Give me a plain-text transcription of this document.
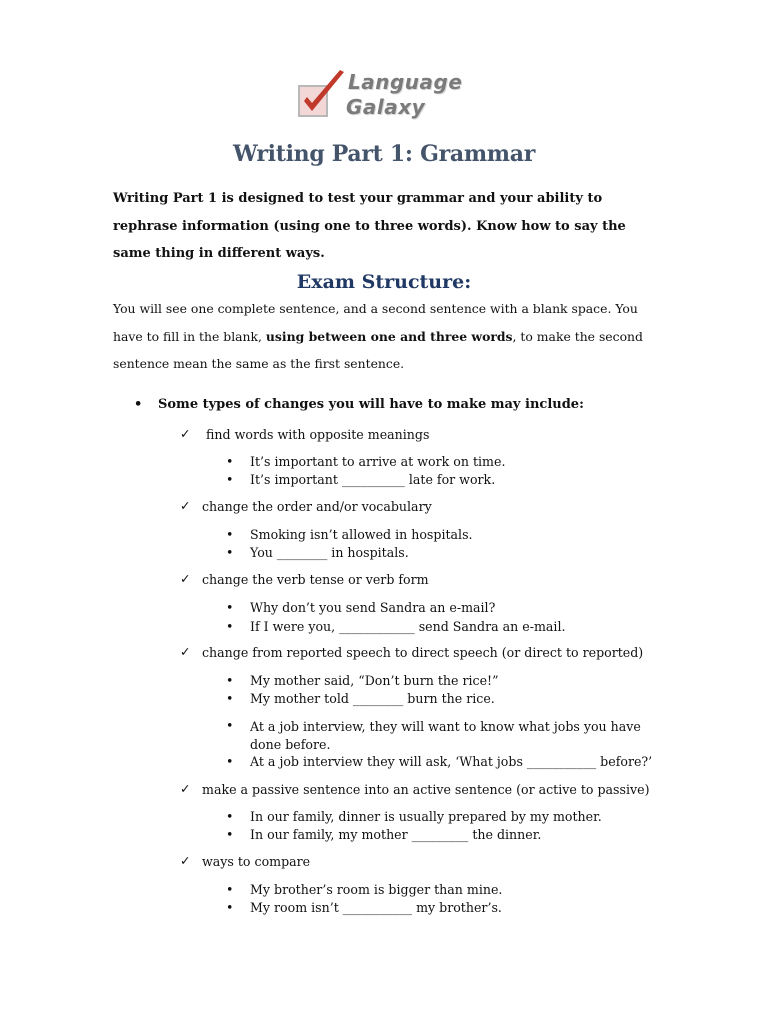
Language
Galaxy
Writing Part 1: Grammar

Writing Part 1 is designed to test your grammar and your ability to rephrase information (using one to three words). Know how to say the same thing in different ways.

Exam Structure:

You will see one complete sentence, and a second sentence with a blank space. You have to fill in the blank, using between one and three words, to make the second sentence mean the same as the first sentence.

• Some types of changes you will have to make may include:
✓ find words with opposite meanings
• It’s important to arrive at work on time.
• It’s important __________ late for work.
✓ change the order and/or vocabulary
• Smoking isn’t allowed in hospitals.
• You ________ in hospitals.
✓ change the verb tense or verb form
• Why don’t you send Sandra an e-mail?
• If I were you, ____________ send Sandra an e-mail.
✓ change from reported speech to direct speech (or direct to reported)
• My mother said, “Don’t burn the rice!”
• My mother told ________ burn the rice.
• At a job interview, they will want to know what jobs you have done before.
• At a job interview they will ask, ‘What jobs ___________ before?’
✓ make a passive sentence into an active sentence (or active to passive)
• In our family, dinner is usually prepared by my mother.
• In our family, my mother _________ the dinner.
✓ ways to compare
• My brother’s room is bigger than mine.
• My room isn’t ___________ my brother’s.
